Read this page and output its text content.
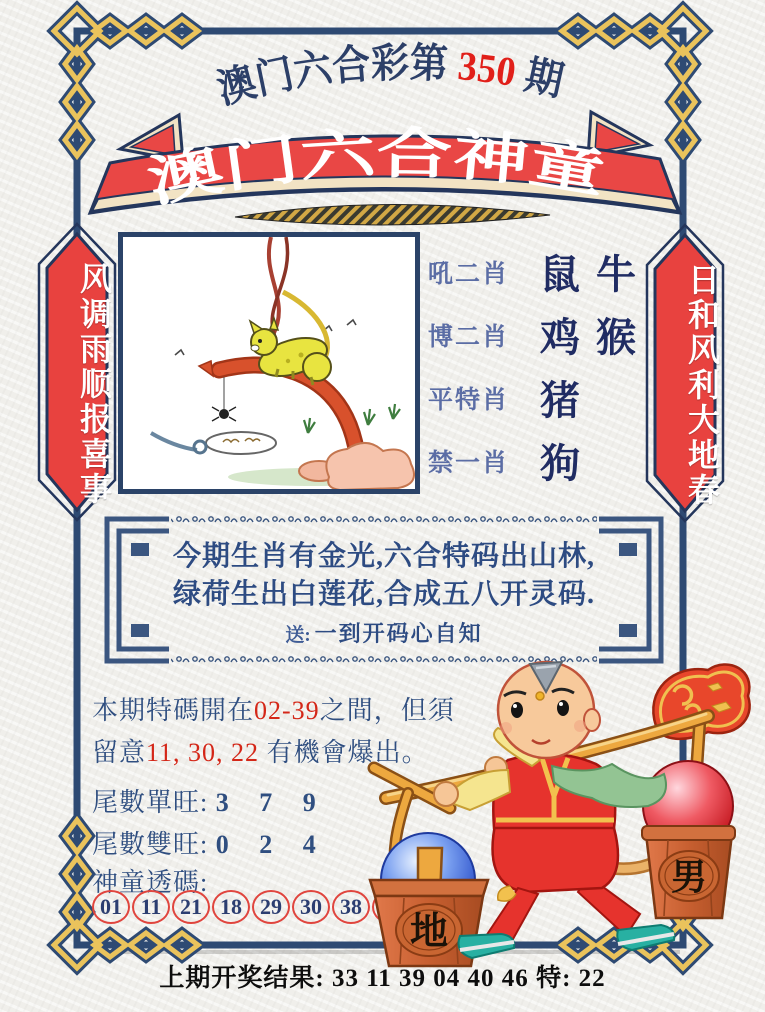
澳门六合彩第 350 期
澳门六合神童
风调雨顺报喜事	日和风利大地春
吼二肖 鼠 牛
博二肖 鸡 猴
平特肖 猪
禁一肖 狗
今期生肖有金光,六合特码出山林,
绿荷生出白莲花,合成五八开灵码.
送: 一到开码心自知
本期特碼開在02-39之間，但須
留意11, 30, 22 有機會爆出。
尾數單旺: 3 7 9
尾數雙旺: 0 2 4
神童透碼:
01 11 21 18 29 30 38
男
地
上期开奖结果: 33 11 39 04 40 46 特: 22
